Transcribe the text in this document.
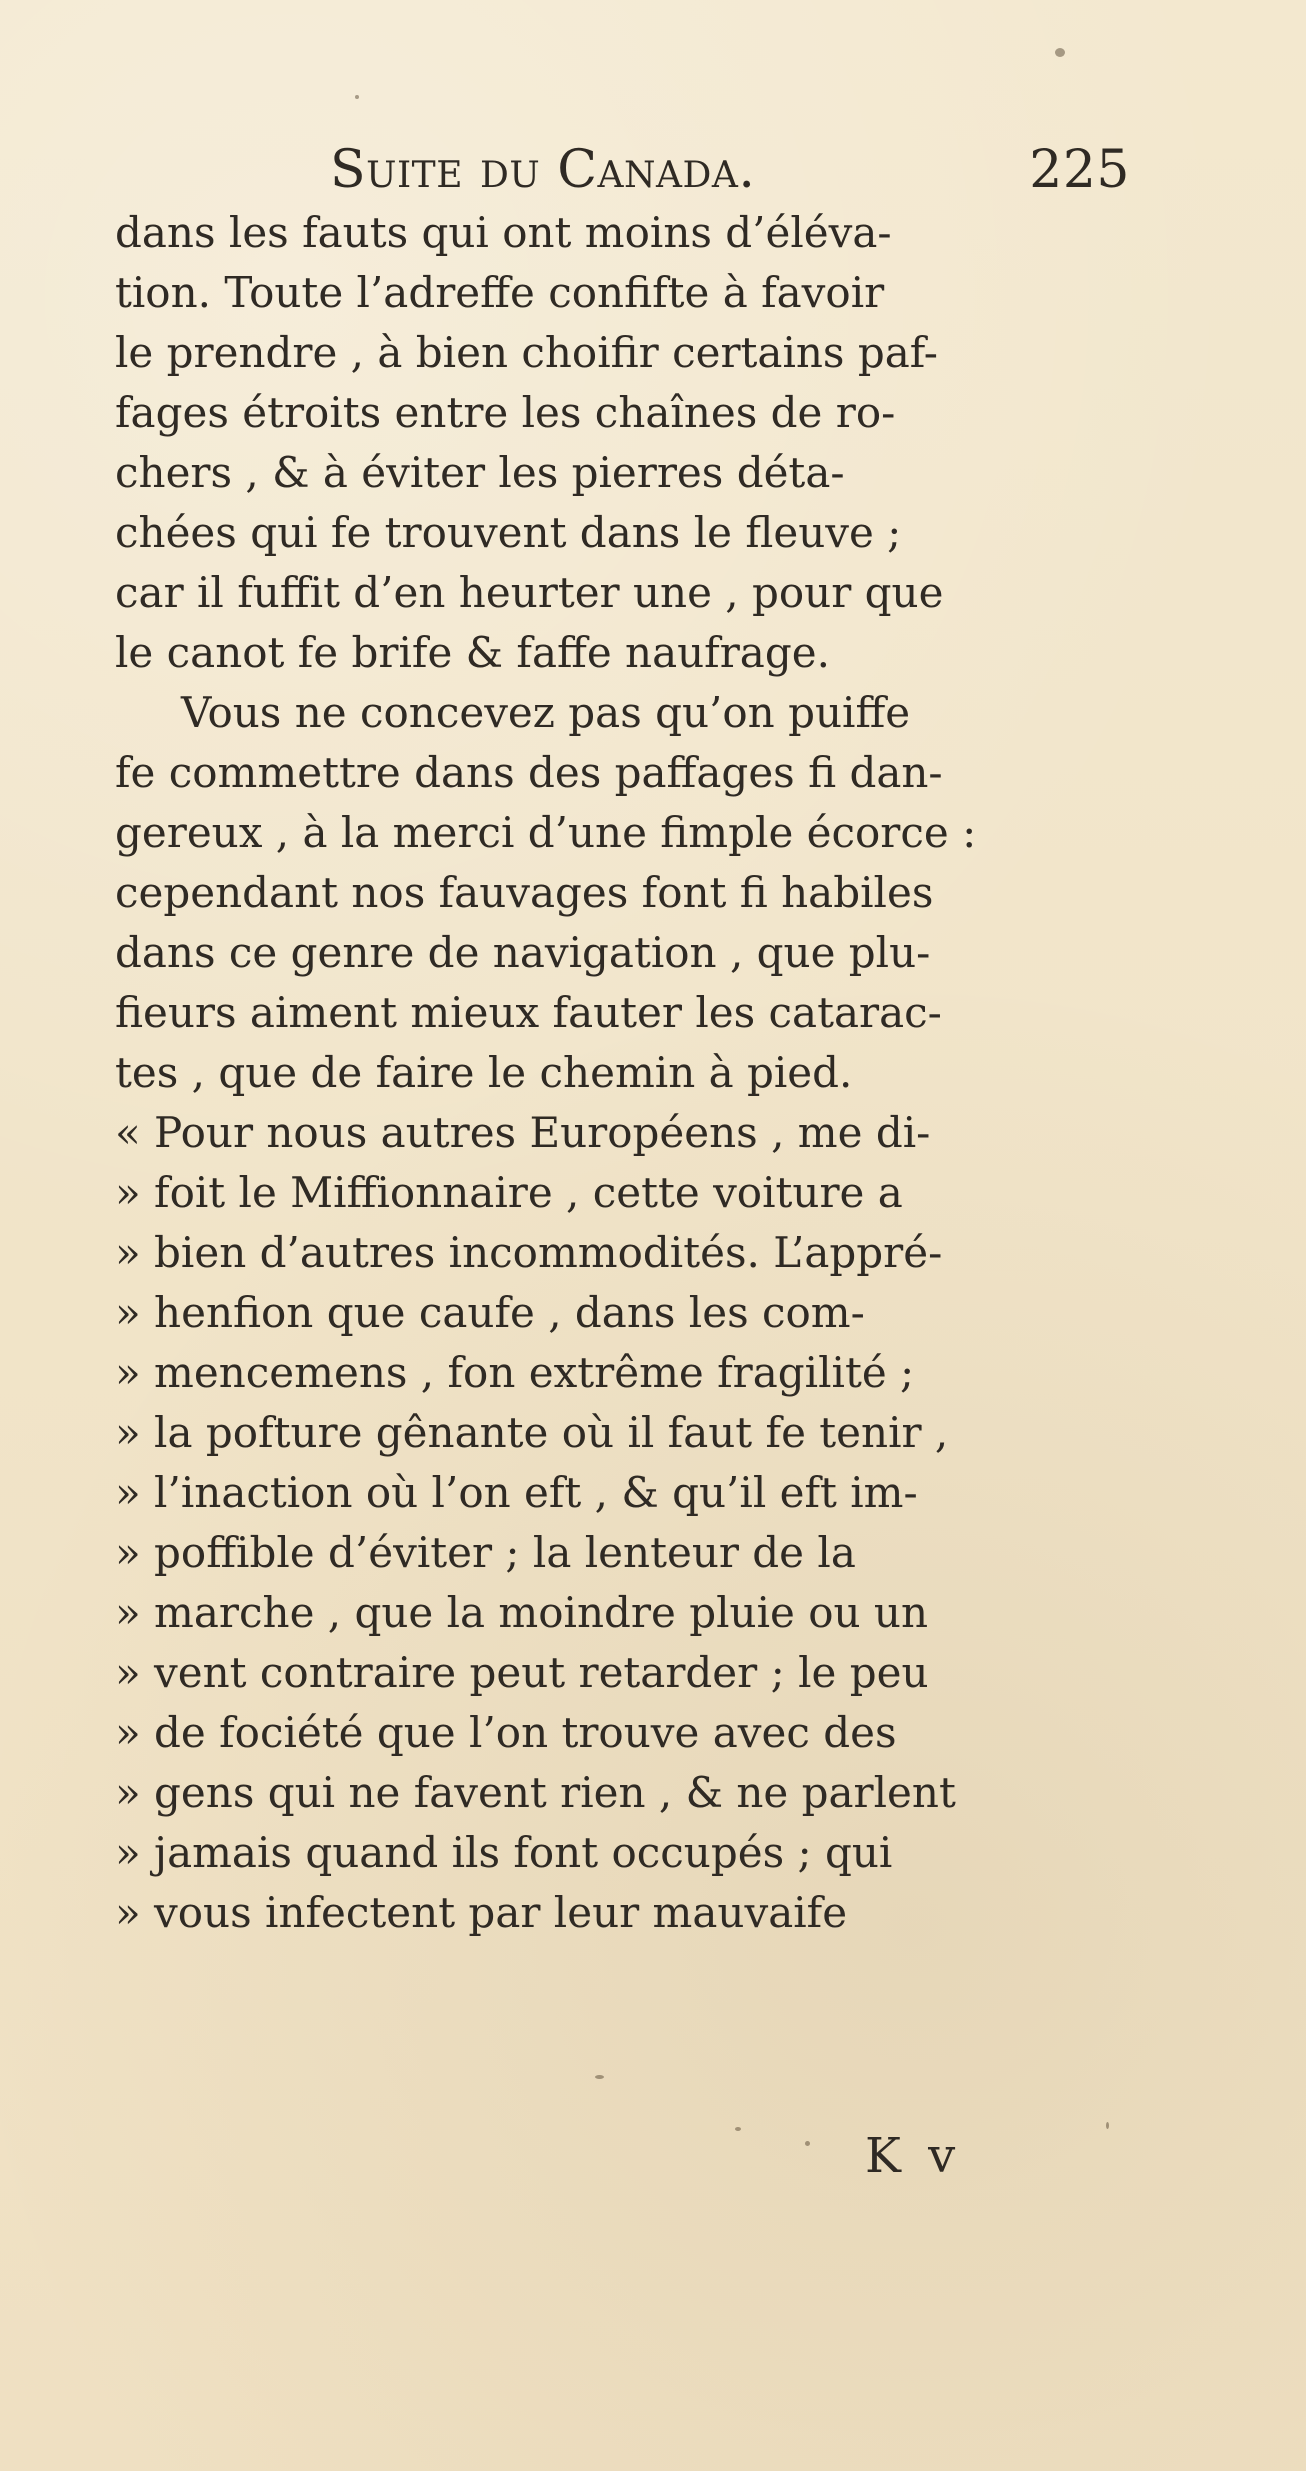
Suite du Canada.	225
dans les fauts qui ont moins d’éléva-
tion. Toute l’adreffe confifte à favoir
le prendre , à bien choifir certains paf-
fages étroits entre les chaînes de ro-
chers , & à éviter les pierres déta-
chées qui fe trouvent dans le fleuve ;
car il fuffit d’en heurter une , pour que
le canot fe brife & faffe naufrage.
Vous ne concevez pas qu’on puiffe
fe commettre dans des paffages fi dan-
gereux , à la merci d’une fimple écorce :
cependant nos fauvages font fi habiles
dans ce genre de navigation , que plu-
fieurs aiment mieux fauter les catarac-
tes , que de faire le chemin à pied.
« Pour nous autres Européens , me di-
» foit le Miffionnaire , cette voiture a
» bien d’autres incommodités. L’appré-
» henfion que caufe , dans les com-
» mencemens , fon extrême fragilité ;
» la pofture gênante où il faut fe tenir ,
» l’inaction où l’on eft , & qu’il eft im-
» poffible d’éviter ; la lenteur de la
» marche , que la moindre pluie ou un
» vent contraire peut retarder ; le peu
» de fociété que l’on trouve avec des
» gens qui ne favent rien , & ne parlent
» jamais quand ils font occupés ; qui
» vous infectent par leur mauvaife
K v
